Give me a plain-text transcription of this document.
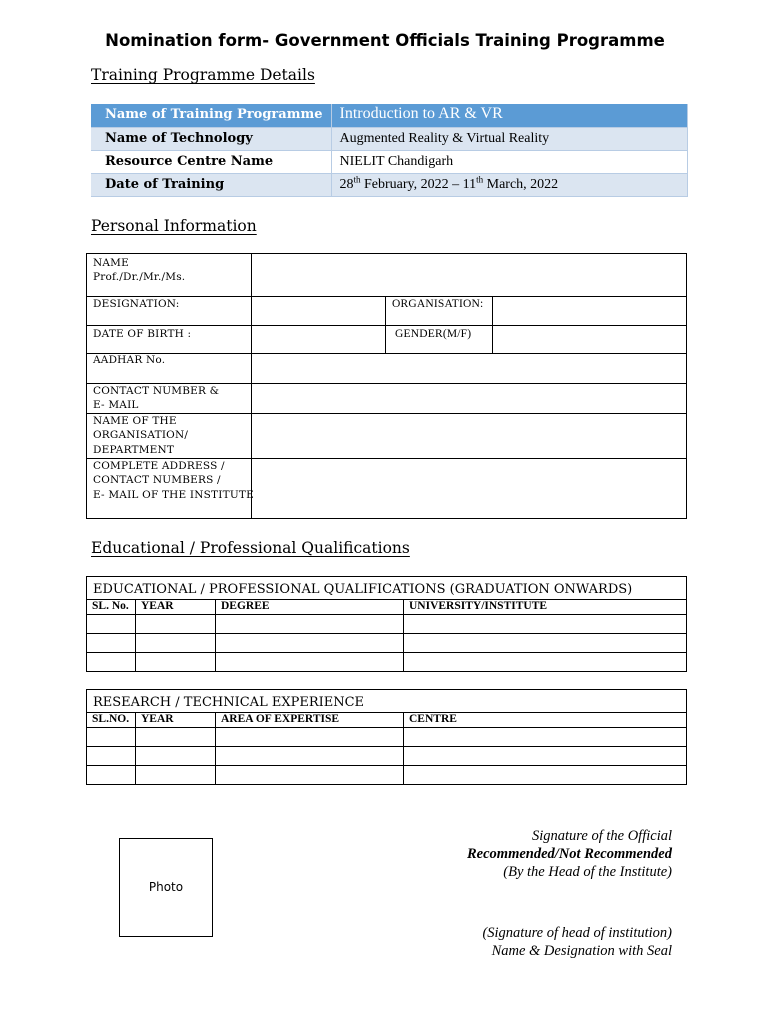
Nomination form- Government Officials Training Programme
Training Programme Details
Name of Training Programme	Introduction to AR & VR
Name of Technology	Augmented Reality & Virtual Reality
Resource Centre Name	NIELIT Chandigarh
Date of Training	28th February, 2022 – 11th March, 2022
Personal Information
NAME
Prof./Dr./Mr./Ms.
DESIGNATION:	ORGANISATION:
DATE OF BIRTH :	GENDER(M/F)
AADHAR No.
CONTACT NUMBER &
E- MAIL
NAME OF THE
ORGANISATION/
DEPARTMENT
COMPLETE ADDRESS /
CONTACT NUMBERS /
E- MAIL OF THE INSTITUTE
Educational / Professional Qualifications
EDUCATIONAL / PROFESSIONAL QUALIFICATIONS (GRADUATION ONWARDS)			
SL. No.	YEAR	DEGREE	UNIVERSITY/INSTITUTE

RESEARCH / TECHNICAL EXPERIENCE			
SL.NO.	YEAR	AREA OF EXPERTISE	CENTRE

Photo
Signature of the Official
Recommended/Not Recommended
(By the Head of the Institute)
(Signature of head of institution)
Name & Designation with Seal
